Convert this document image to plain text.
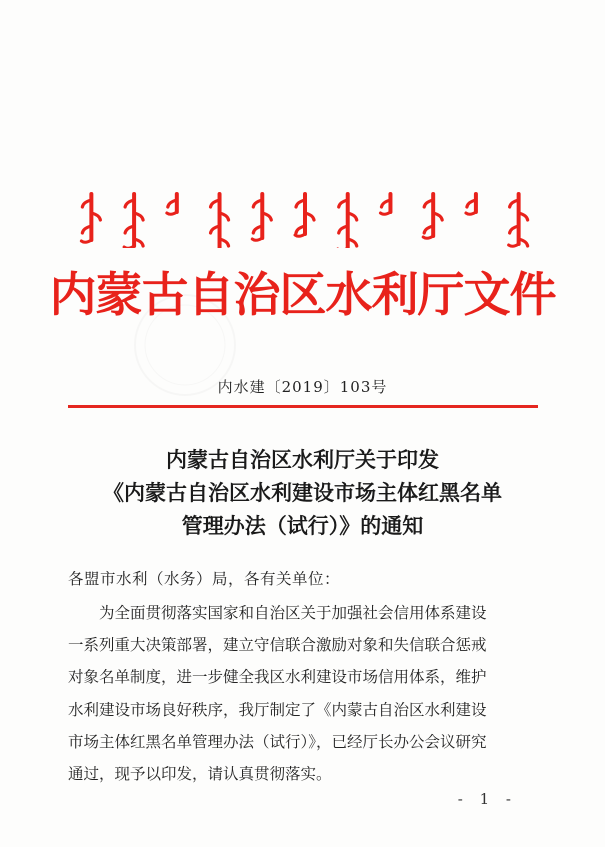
内蒙古自治区水利厅文件
内水建〔2019〕103号
内蒙古自治区水利厅关于印发
《内蒙古自治区水利建设市场主体红黑名单
管理办法（试行）》的通知
各盟市水利（水务）局，各有关单位：
为全面贯彻落实国家和自治区关于加强社会信用体系建设
一系列重大决策部署，建立守信联合激励对象和失信联合惩戒
对象名单制度，进一步健全我区水利建设市场信用体系，维护
水利建设市场良好秩序，我厅制定了《内蒙古自治区水利建设
市场主体红黑名单管理办法（试行）》，已经厅长办公会议研究
通过，现予以印发，请认真贯彻落实。
- 1 -
